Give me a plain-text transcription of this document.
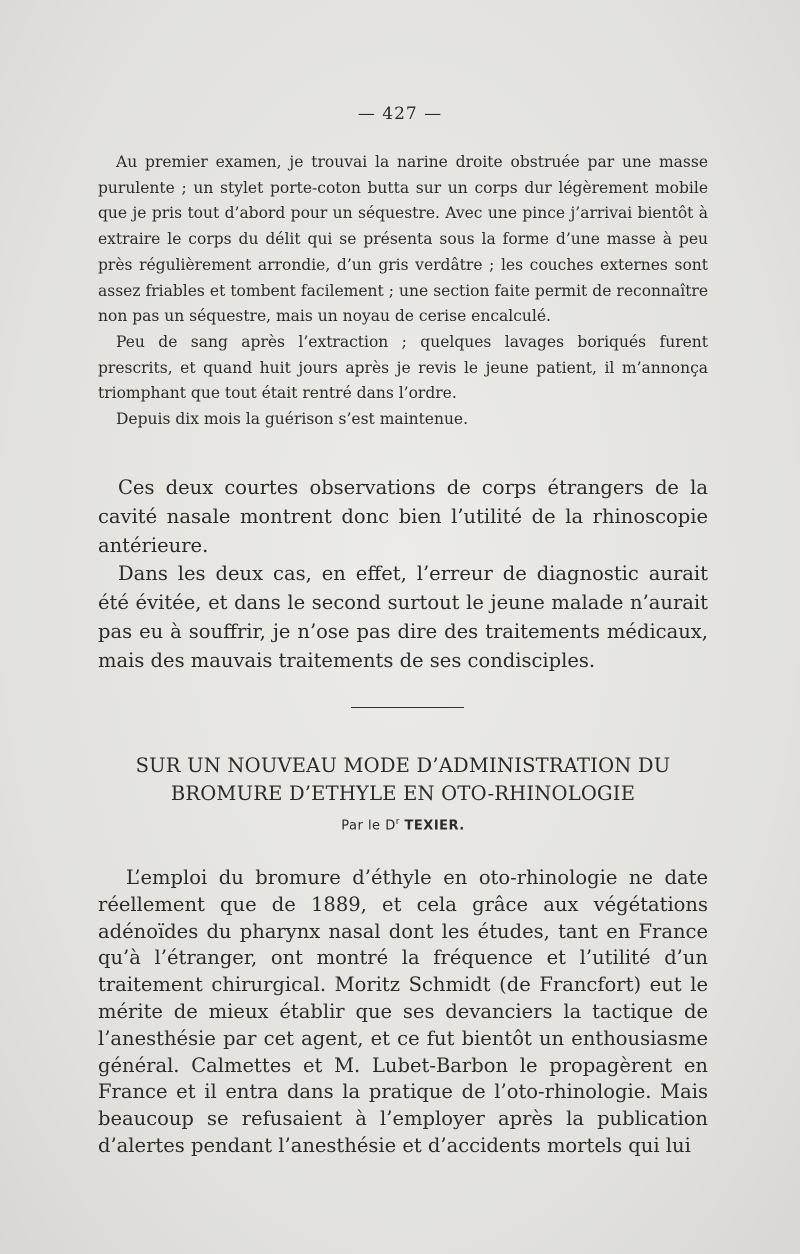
— 427 —

Au premier examen, je trouvai la narine droite obstruée par une masse purulente ; un stylet porte-coton butta sur un corps dur légèrement mobile que je pris tout d’abord pour un séquestre. Avec une pince j’arrivai bientôt à extraire le corps du délit qui se présenta sous la forme d’une masse à peu près régulièrement arrondie, d’un gris verdâtre ; les couches externes sont assez friables et tombent facilement ; une section faite permit de reconnaître non pas un séquestre, mais un noyau de cerise encalculé.

Peu de sang après l’extraction ; quelques lavages boriqués furent prescrits, et quand huit jours après je revis le jeune patient, il m’annonça triomphant que tout était rentré dans l’ordre.

Depuis dix mois la guérison s’est maintenue.

Ces deux courtes observations de corps étrangers de la cavité nasale montrent donc bien l’utilité de la rhinoscopie antérieure.

Dans les deux cas, en effet, l’erreur de diagnostic aurait été évitée, et dans le second surtout le jeune malade n’aurait pas eu à souffrir, je n’ose pas dire des traitements médicaux, mais des mauvais traitements de ses condisciples.

SUR UN NOUVEAU MODE D’ADMINISTRATION DU
BROMURE D’ETHYLE EN OTO-RHINOLOGIE
Par le $D^r$ TEXIER.

L’emploi du bromure d’éthyle en oto-rhinologie ne date réellement que de 1889, et cela grâce aux végétations adénoïdes du pharynx nasal dont les études, tant en France qu’à l’étranger, ont montré la fréquence et l’utilité d’un traitement chirurgical. Moritz Schmidt (de Francfort) eut le mérite de mieux établir que ses devanciers la tactique de l’anesthésie par cet agent, et ce fut bientôt un enthousiasme général. Calmettes et M. Lubet-Barbon le propagèrent en France et il entra dans la pratique de l’oto-rhinologie. Mais beaucoup se refusaient à l’employer après la publication d’alertes pendant l’anesthésie et d’accidents mortels qui lui
